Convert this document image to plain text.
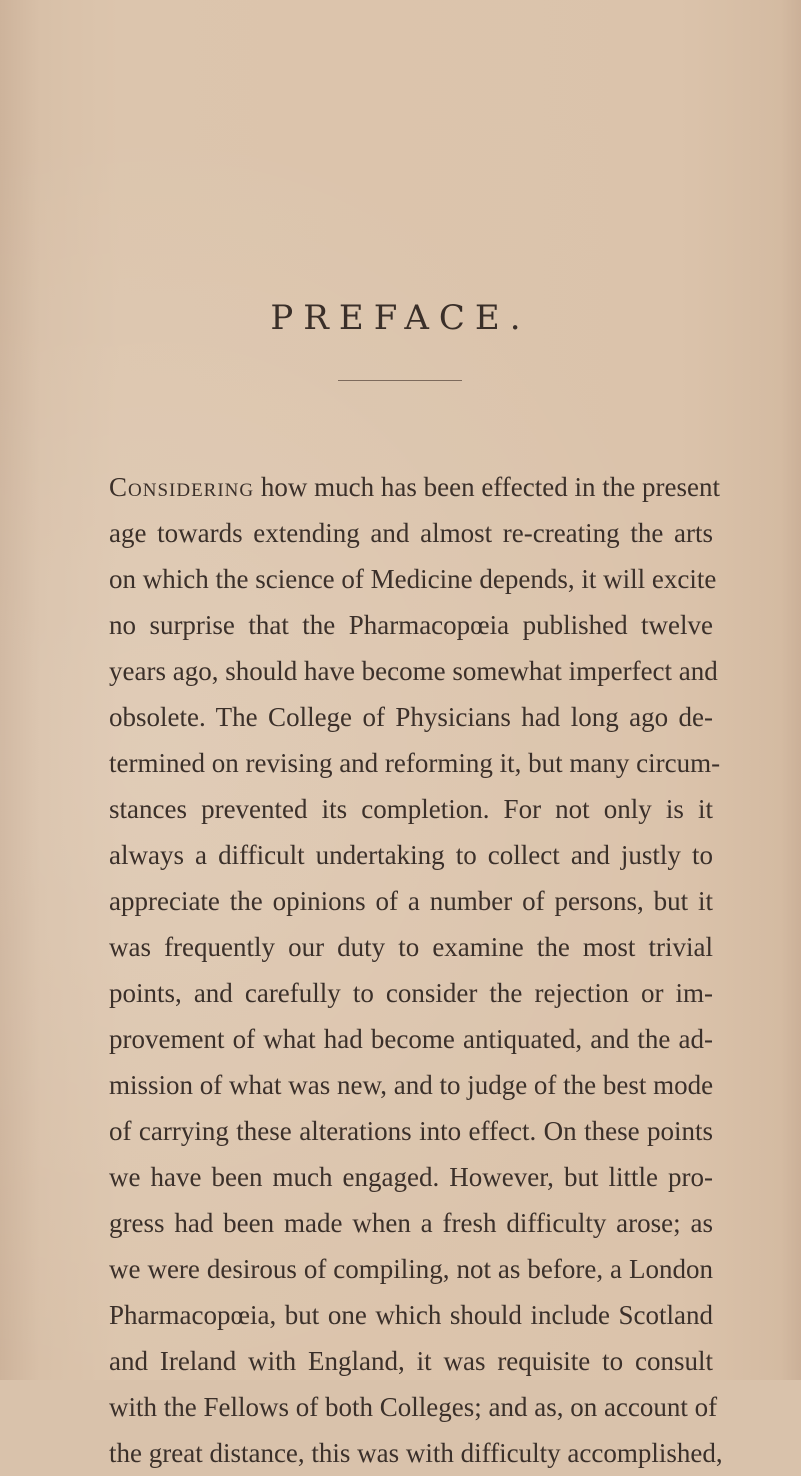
PREFACE.
Considering how much has been effected in the present
age towards extending and almost re-creating the arts
on which the science of Medicine depends, it will excite
no surprise that the Pharmacopœia published twelve
years ago, should have become somewhat imperfect and
obsolete. The College of Physicians had long ago de-
termined on revising and reforming it, but many circum-
stances prevented its completion. For not only is it
always a difficult undertaking to collect and justly to
appreciate the opinions of a number of persons, but it
was frequently our duty to examine the most trivial
points, and carefully to consider the rejection or im-
provement of what had become antiquated, and the ad-
mission of what was new, and to judge of the best mode
of carrying these alterations into effect. On these points
we have been much engaged. However, but little pro-
gress had been made when a fresh difficulty arose; as
we were desirous of compiling, not as before, a London
Pharmacopœia, but one which should include Scotland
and Ireland with England, it was requisite to consult
with the Fellows of both Colleges; and as, on account of
the great distance, this was with difficulty accomplished,
